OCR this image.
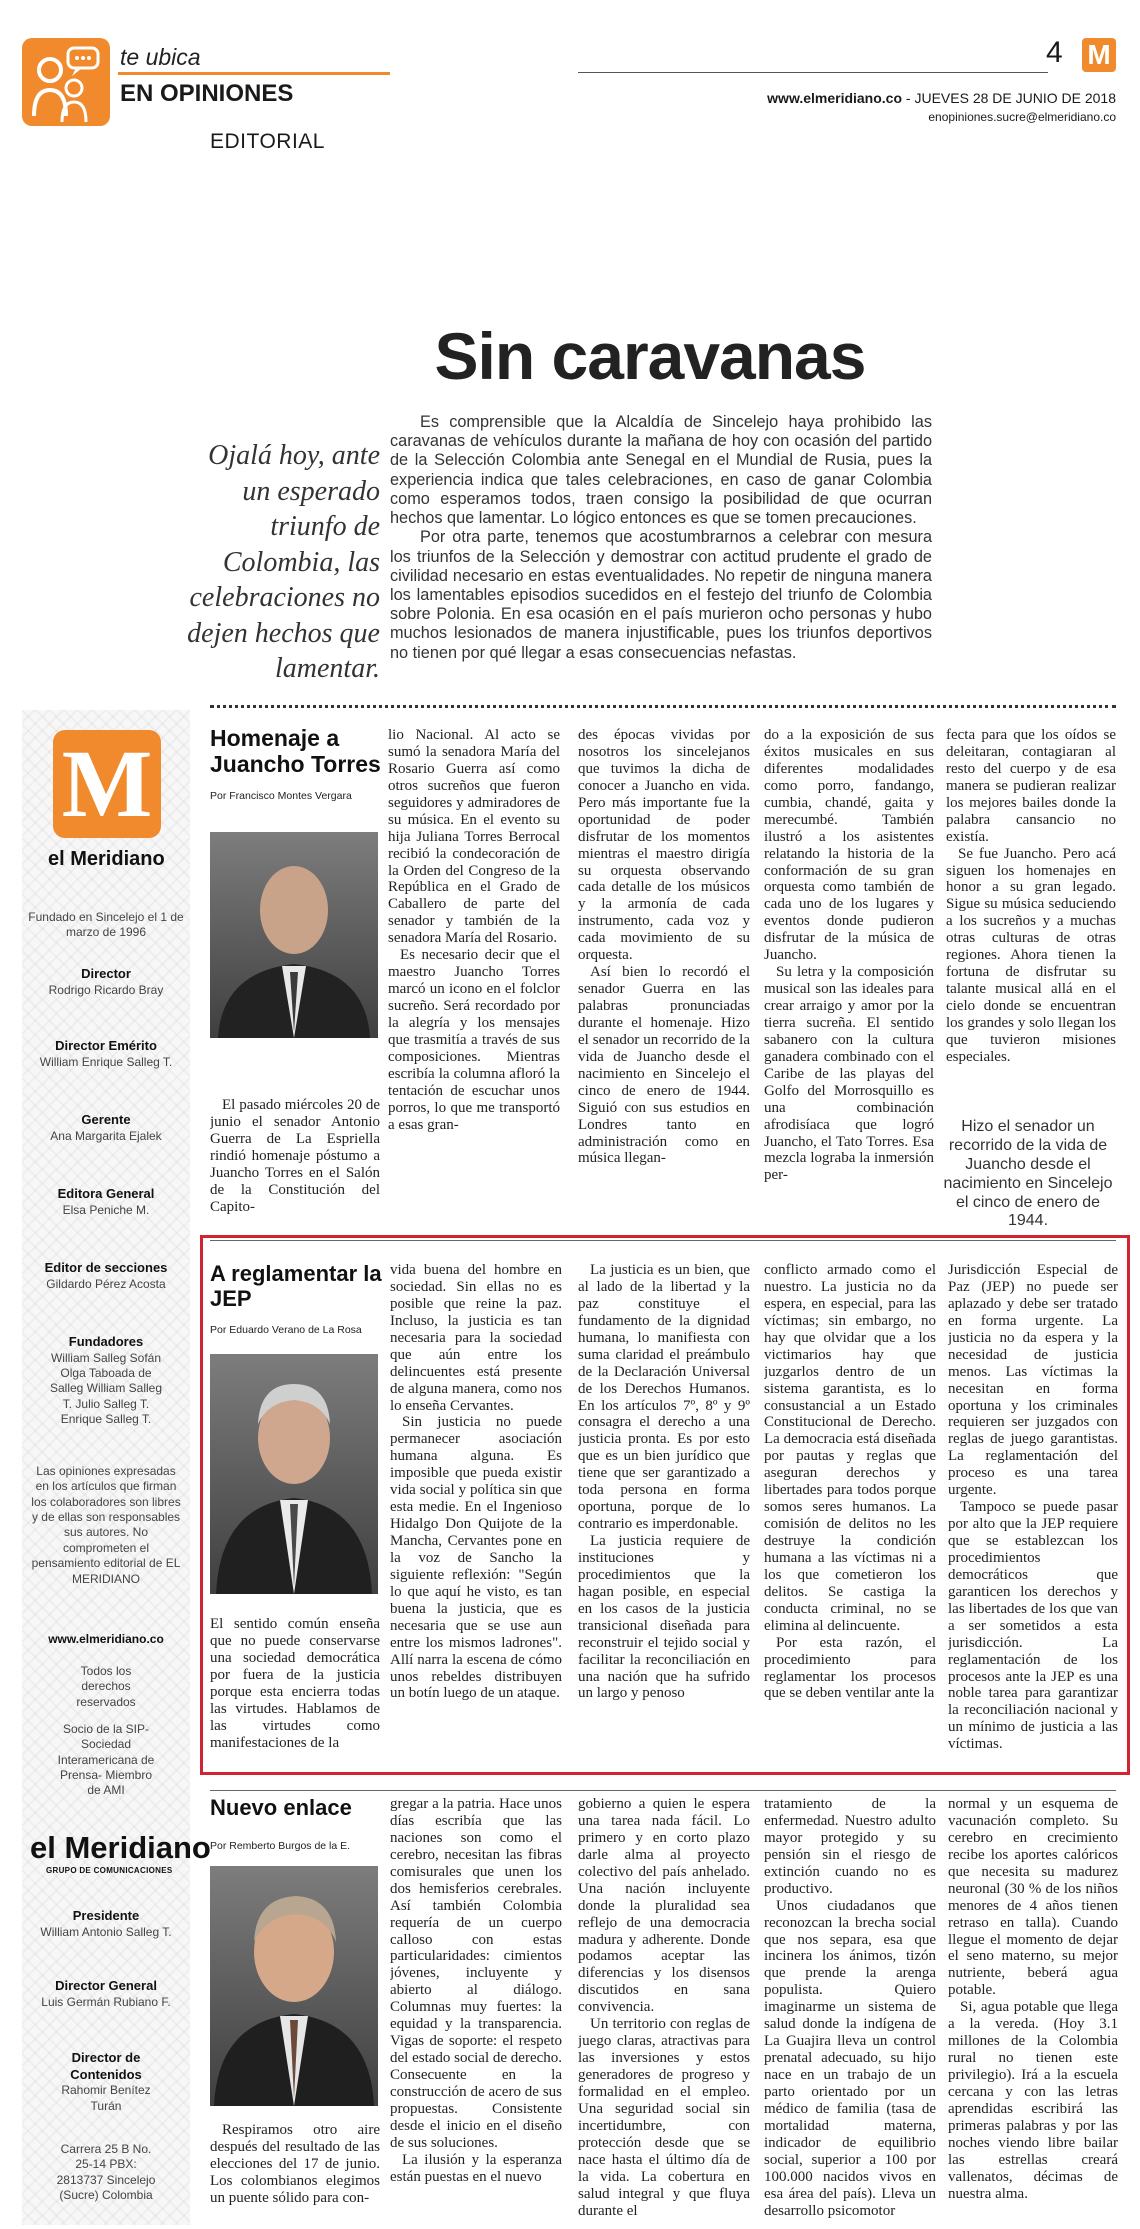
te ubica
EN OPINIONES
EDITORIAL
4 M
www.elmeridiano.co - JUEVES 28 DE JUNIO DE 2018
enopiniones.sucre@elmeridiano.co
Sin caravanas
Ojalá hoy, ante un esperado triunfo de Colombia, las celebraciones no dejen hechos que lamentar.

Es comprensible que la Alcaldía de Sincelejo haya prohibido las caravanas de vehículos durante la mañana de hoy con ocasión del partido de la Selección Colombia ante Senegal en el Mundial de Rusia, pues la experiencia indica que tales celebraciones, en caso de ganar Colombia como esperamos todos, traen consigo la posibilidad de que ocurran hechos que lamentar. Lo lógico entonces es que se tomen precauciones.

Por otra parte, tenemos que acostumbrarnos a celebrar con mesura los triunfos de la Selección y demostrar con actitud prudente el grado de civilidad necesario en estas eventualidades. No repetir de ninguna manera los lamentables episodios sucedidos en el festejo del triunfo de Colombia sobre Polonia. En esa ocasión en el país murieron ocho personas y hubo muchos lesionados de manera injustificable, pues los triunfos deportivos no tienen por qué llegar a esas consecuencias nefastas.

M
el Meridiano
Fundado en Sincelejo el 1 de marzo de 1996
Director
Rodrigo Ricardo Bray
Director Emérito
William Enrique Salleg T.
Gerente
Ana Margarita Ejalek
Editora General
Elsa Peniche M.
Editor de secciones
Gildardo Pérez Acosta
Fundadores
William Salleg Sofán Olga Taboada de Salleg William Salleg T. Julio Salleg T. Enrique Salleg T.
Las opiniones expresadas en los artículos que firman los colaboradores son libres y de ellas son responsables sus autores. No comprometen el pensamiento editorial de EL MERIDIANO
www.elmeridiano.co
Todos los derechos reservados
Socio de la SIP- Sociedad Interamericana de Prensa- Miembro de AMI
el Meridiano
GRUPO DE COMUNICACIONES
Presidente
William Antonio Salleg T.
Director General
Luis Germán Rubiano F.
Director de Contenidos
Rahomir Benítez Turán
Carrera 25 B No. 25-14 PBX: 2813737 Sincelejo (Sucre) Colombia
Homenaje a Juancho Torres
Por Francisco Montes Vergara

El pasado miércoles 20 de junio el senador Antonio Guerra de La Espriella rindió homenaje póstumo a Juancho Torres en el Salón de la Constitución del Capito-

lio Nacional. Al acto se sumó la senadora María del Rosario Guerra así como otros sucreños que fueron seguidores y admiradores de su música. En el evento su hija Juliana Torres Berrocal recibió la condecoración de la Orden del Congreso de la República en el Grado de Caballero de parte del senador y también de la senadora María del Rosario.

Es necesario decir que el maestro Juancho Torres marcó un icono en el folclor sucreño. Será recordado por la alegría y los mensajes que trasmitía a través de sus composiciones. Mientras escribía la columna afloró la tentación de escuchar unos porros, lo que me transportó a esas gran-

des épocas vividas por nosotros los sincelejanos que tuvimos la dicha de conocer a Juancho en vida. Pero más importante fue la oportunidad de poder disfrutar de los momentos mientras el maestro dirigía su orquesta observando cada detalle de los músicos y la armonía de cada instrumento, cada voz y cada movimiento de su orquesta.

Así bien lo recordó el senador Guerra en las palabras pronunciadas durante el homenaje. Hizo el senador un recorrido de la vida de Juancho desde el nacimiento en Sincelejo el cinco de enero de 1944. Siguió con sus estudios en Londres tanto en administración como en música llegan-

do a la exposición de sus éxitos musicales en sus diferentes modalidades como porro, fandango, cumbia, chandé, gaita y merecumbé. También ilustró a los asistentes relatando la historia de la conformación de su gran orquesta como también de cada uno de los lugares y eventos donde pudieron disfrutar de la música de Juancho.

Su letra y la composición musical son las ideales para crear arraigo y amor por la tierra sucreña. El sentido sabanero con la cultura ganadera combinado con el Caribe de las playas del Golfo del Morrosquillo es una combinación afrodisíaca que logró Juancho, el Tato Torres. Esa mezcla lograba la inmersión per-

fecta para que los oídos se deleitaran, contagiaran al resto del cuerpo y de esa manera se pudieran realizar los mejores bailes donde la palabra cansancio no existía.

Se fue Juancho. Pero acá siguen los homenajes en honor a su gran legado. Sigue su música seduciendo a los sucreños y a muchas otras culturas de otras regiones. Ahora tienen la fortuna de disfrutar su talante musical allá en el cielo donde se encuentran los grandes y solo llegan los que tuvieron misiones especiales.

Hizo el senador un recorrido de la vida de Juancho desde el nacimiento en Sincelejo el cinco de enero de 1944.
A reglamentar la JEP
Por Eduardo Verano de La Rosa

El sentido común enseña que no puede conservarse una sociedad democrática por fuera de la justicia porque esta encierra todas las virtudes. Hablamos de las virtudes como manifestaciones de la

vida buena del hombre en sociedad. Sin ellas no es posible que reine la paz. Incluso, la justicia es tan necesaria para la sociedad que aún entre los delincuentes está presente de alguna manera, como nos lo enseña Cervantes.

Sin justicia no puede permanecer asociación humana alguna. Es imposible que pueda existir vida social y política sin que esta medie. En el Ingenioso Hidalgo Don Quijote de la Mancha, Cervantes pone en la voz de Sancho la siguiente reflexión: "Según lo que aquí he visto, es tan buena la justicia, que es necesaria que se use aun entre los mismos ladrones". Allí narra la escena de cómo unos rebeldes distribuyen un botín luego de un ataque.

La justicia es un bien, que al lado de la libertad y la paz constituye el fundamento de la dignidad humana, lo manifiesta con suma claridad el preámbulo de la Declaración Universal de los Derechos Humanos. En los artículos 7º, 8º y 9º consagra el derecho a una justicia pronta. Es por esto que es un bien jurídico que tiene que ser garantizado a toda persona en forma oportuna, porque de lo contrario es imperdonable.

La justicia requiere de instituciones y procedimientos que la hagan posible, en especial en los casos de la justicia transicional diseñada para reconstruir el tejido social y facilitar la reconciliación en una nación que ha sufrido un largo y penoso

conflicto armado como el nuestro. La justicia no da espera, en especial, para las víctimas; sin embargo, no hay que olvidar que a los victimarios hay que juzgarlos dentro de un sistema garantista, es lo consustancial a un Estado Constitucional de Derecho. La democracia está diseñada por pautas y reglas que aseguran derechos y libertades para todos porque somos seres humanos. La comisión de delitos no les destruye la condición humana a las víctimas ni a los que cometieron los delitos. Se castiga la conducta criminal, no se elimina al delincuente.

Por esta razón, el procedimiento para reglamentar los procesos que se deben ventilar ante la

Jurisdicción Especial de Paz (JEP) no puede ser aplazado y debe ser tratado en forma urgente. La justicia no da espera y la necesidad de justicia menos. Las víctimas la necesitan en forma oportuna y los criminales requieren ser juzgados con reglas de juego garantistas. La reglamentación del proceso es una tarea urgente.

Tampoco se puede pasar por alto que la JEP requiere que se establezcan los procedimientos democráticos que garanticen los derechos y las libertades de los que van a ser sometidos a esta jurisdicción. La reglamentación de los procesos ante la JEP es una noble tarea para garantizar la reconciliación nacional y un mínimo de justicia a las víctimas.

Nuevo enlace
Por Remberto Burgos de la E.

Respiramos otro aire después del resultado de las elecciones del 17 de junio. Los colombianos elegimos un puente sólido para con-

gregar a la patria. Hace unos días escribía que las naciones son como el cerebro, necesitan las fibras comisurales que unen los dos hemisferios cerebrales. Así también Colombia requería de un cuerpo calloso con estas particularidades: cimientos jóvenes, incluyente y abierto al diálogo. Columnas muy fuertes: la equidad y la transparencia. Vigas de soporte: el respeto del estado social de derecho. Consecuente en la construcción de acero de sus propuestas. Consistente desde el inicio en el diseño de sus soluciones.

La ilusión y la esperanza están puestas en el nuevo

gobierno a quien le espera una tarea nada fácil. Lo primero y en corto plazo darle alma al proyecto colectivo del país anhelado. Una nación incluyente donde la pluralidad sea reflejo de una democracia madura y adherente. Donde podamos aceptar las diferencias y los disensos discutidos en sana convivencia.

Un territorio con reglas de juego claras, atractivas para las inversiones y estos generadores de progreso y formalidad en el empleo. Una seguridad social sin incertidumbre, con protección desde que se nace hasta el último día de la vida. La cobertura en salud integral y que fluya durante el

tratamiento de la enfermedad. Nuestro adulto mayor protegido y su pensión sin el riesgo de extinción cuando no es productivo.

Unos ciudadanos que reconozcan la brecha social que nos separa, esa que incinera los ánimos, tizón que prende la arenga populista. Quiero imaginarme un sistema de salud donde la indígena de La Guajira lleva un control prenatal adecuado, su hijo nace en un trabajo de un parto orientado por un médico de familia (tasa de mortalidad materna, indicador de equilibrio social, superior a 100 por 100.000 nacidos vivos en esa área del país). Lleva un desarrollo psicomotor

normal y un esquema de vacunación completo. Su cerebro en crecimiento recibe los aportes calóricos que necesita su madurez neuronal (30 % de los niños menores de 4 años tienen retraso en talla). Cuando llegue el momento de dejar el seno materno, su mejor nutriente, beberá agua potable.

Si, agua potable que llega a la vereda. (Hoy 3.1 millones de la Colombia rural no tienen este privilegio). Irá a la escuela cercana y con las letras aprendidas escribirá las primeras palabras y por las noches viendo libre bailar las estrellas creará vallenatos, décimas de nuestra alma.
